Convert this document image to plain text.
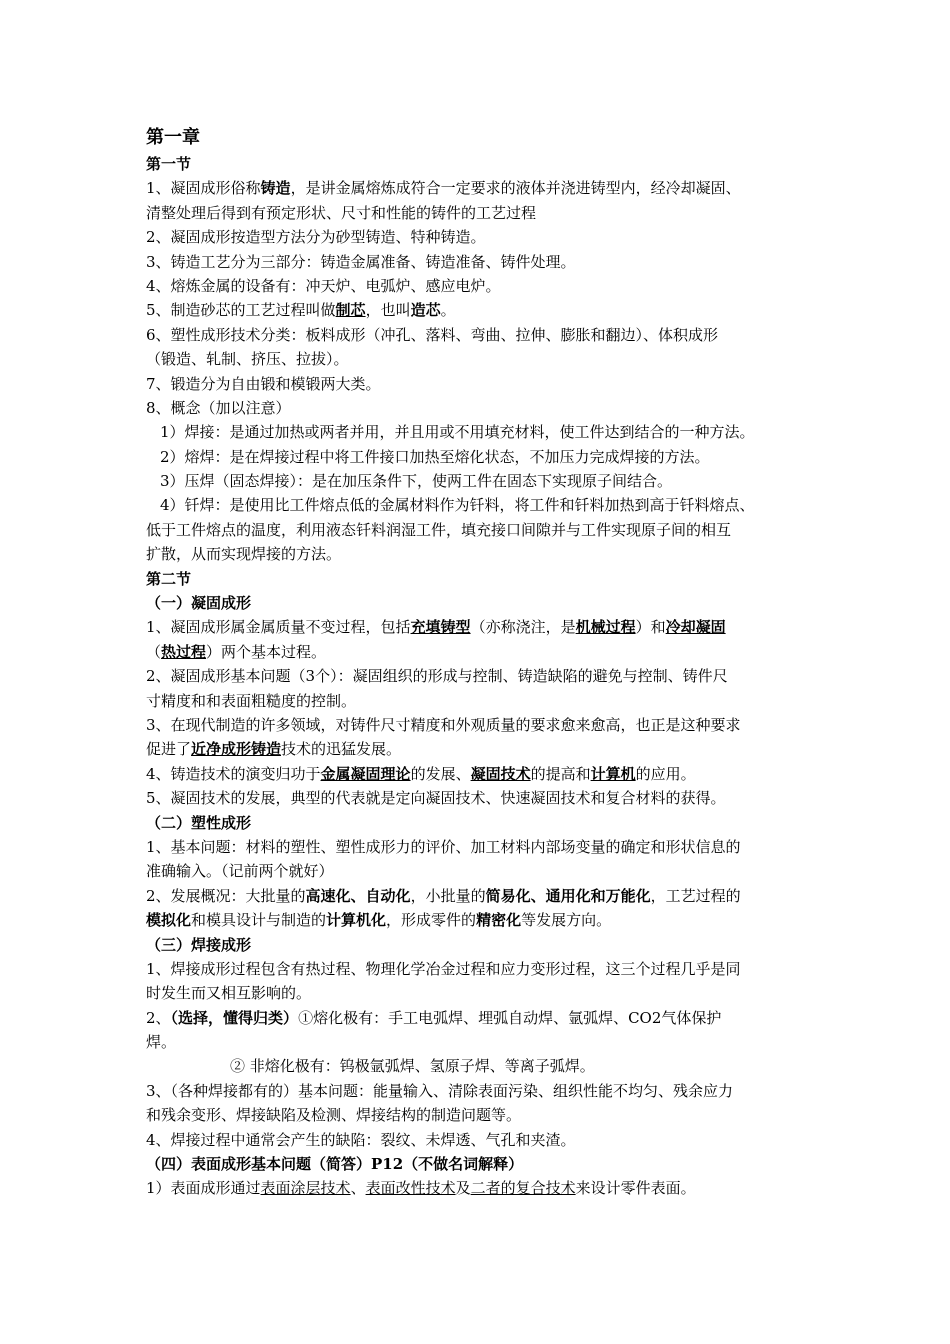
第一章
第一节
1、凝固成形俗称铸造，是讲金属熔炼成符合一定要求的液体并浇进铸型内，经冷却凝固、
清整处理后得到有预定形状、尺寸和性能的铸件的工艺过程
2、凝固成形按造型方法分为砂型铸造、特种铸造。
3、铸造工艺分为三部分：铸造金属准备、铸造准备、铸件处理。
4、熔炼金属的设备有：冲天炉、电弧炉、感应电炉。
5、制造砂芯的工艺过程叫做制芯，也叫造芯。
6、塑性成形技术分类：板料成形（冲孔、落料、弯曲、拉伸、膨胀和翻边）、体积成形
（锻造、轧制、挤压、拉拔）。
7、锻造分为自由锻和模锻两大类。
8、概念（加以注意）
1）焊接：是通过加热或两者并用，并且用或不用填充材料，使工件达到结合的一种方法。
2）熔焊：是在焊接过程中将工件接口加热至熔化状态，不加压力完成焊接的方法。
3）压焊（固态焊接）：是在加压条件下，使两工件在固态下实现原子间结合。
4）钎焊：是使用比工件熔点低的金属材料作为钎料，将工件和钎料加热到高于钎料熔点、
低于工件熔点的温度，利用液态钎料润湿工件，填充接口间隙并与工件实现原子间的相互
扩散，从而实现焊接的方法。
第二节
（一）凝固成形
1、凝固成形属金属质量不变过程，包括充填铸型（亦称浇注，是机械过程）和冷却凝固
（热过程）两个基本过程。
2、凝固成形基本问题（3个）：凝固组织的形成与控制、铸造缺陷的避免与控制、铸件尺
寸精度和和表面粗糙度的控制。
3、在现代制造的许多领域，对铸件尺寸精度和外观质量的要求愈来愈高，也正是这种要求
促进了近净成形铸造技术的迅猛发展。
4、铸造技术的演变归功于金属凝固理论的发展、凝固技术的提高和计算机的应用。
5、凝固技术的发展，典型的代表就是定向凝固技术、快速凝固技术和复合材料的获得。
（二）塑性成形
1、基本问题：材料的塑性、塑性成形力的评价、加工材料内部场变量的确定和形状信息的
准确输入。（记前两个就好）
2、发展概况：大批量的高速化、自动化，小批量的简易化、通用化和万能化，工艺过程的
模拟化和模具设计与制造的计算机化，形成零件的精密化等发展方向。
（三）焊接成形
1、焊接成形过程包含有热过程、物理化学冶金过程和应力变形过程，这三个过程几乎是同
时发生而又相互影响的。
2、（选择，懂得归类）①熔化极有：手工电弧焊、埋弧自动焊、氩弧焊、CO2气体保护
焊。
② 非熔化极有：钨极氩弧焊、氢原子焊、等离子弧焊。
3、（各种焊接都有的）基本问题：能量输入、清除表面污染、组织性能不均匀、残余应力
和残余变形、焊接缺陷及检测、焊接结构的制造问题等。
4、焊接过程中通常会产生的缺陷：裂纹、未焊透、气孔和夹渣。
（四）表面成形基本问题（简答）P12（不做名词解释）
1）表面成形通过表面涂层技术、表面改性技术及二者的复合技术来设计零件表面。
